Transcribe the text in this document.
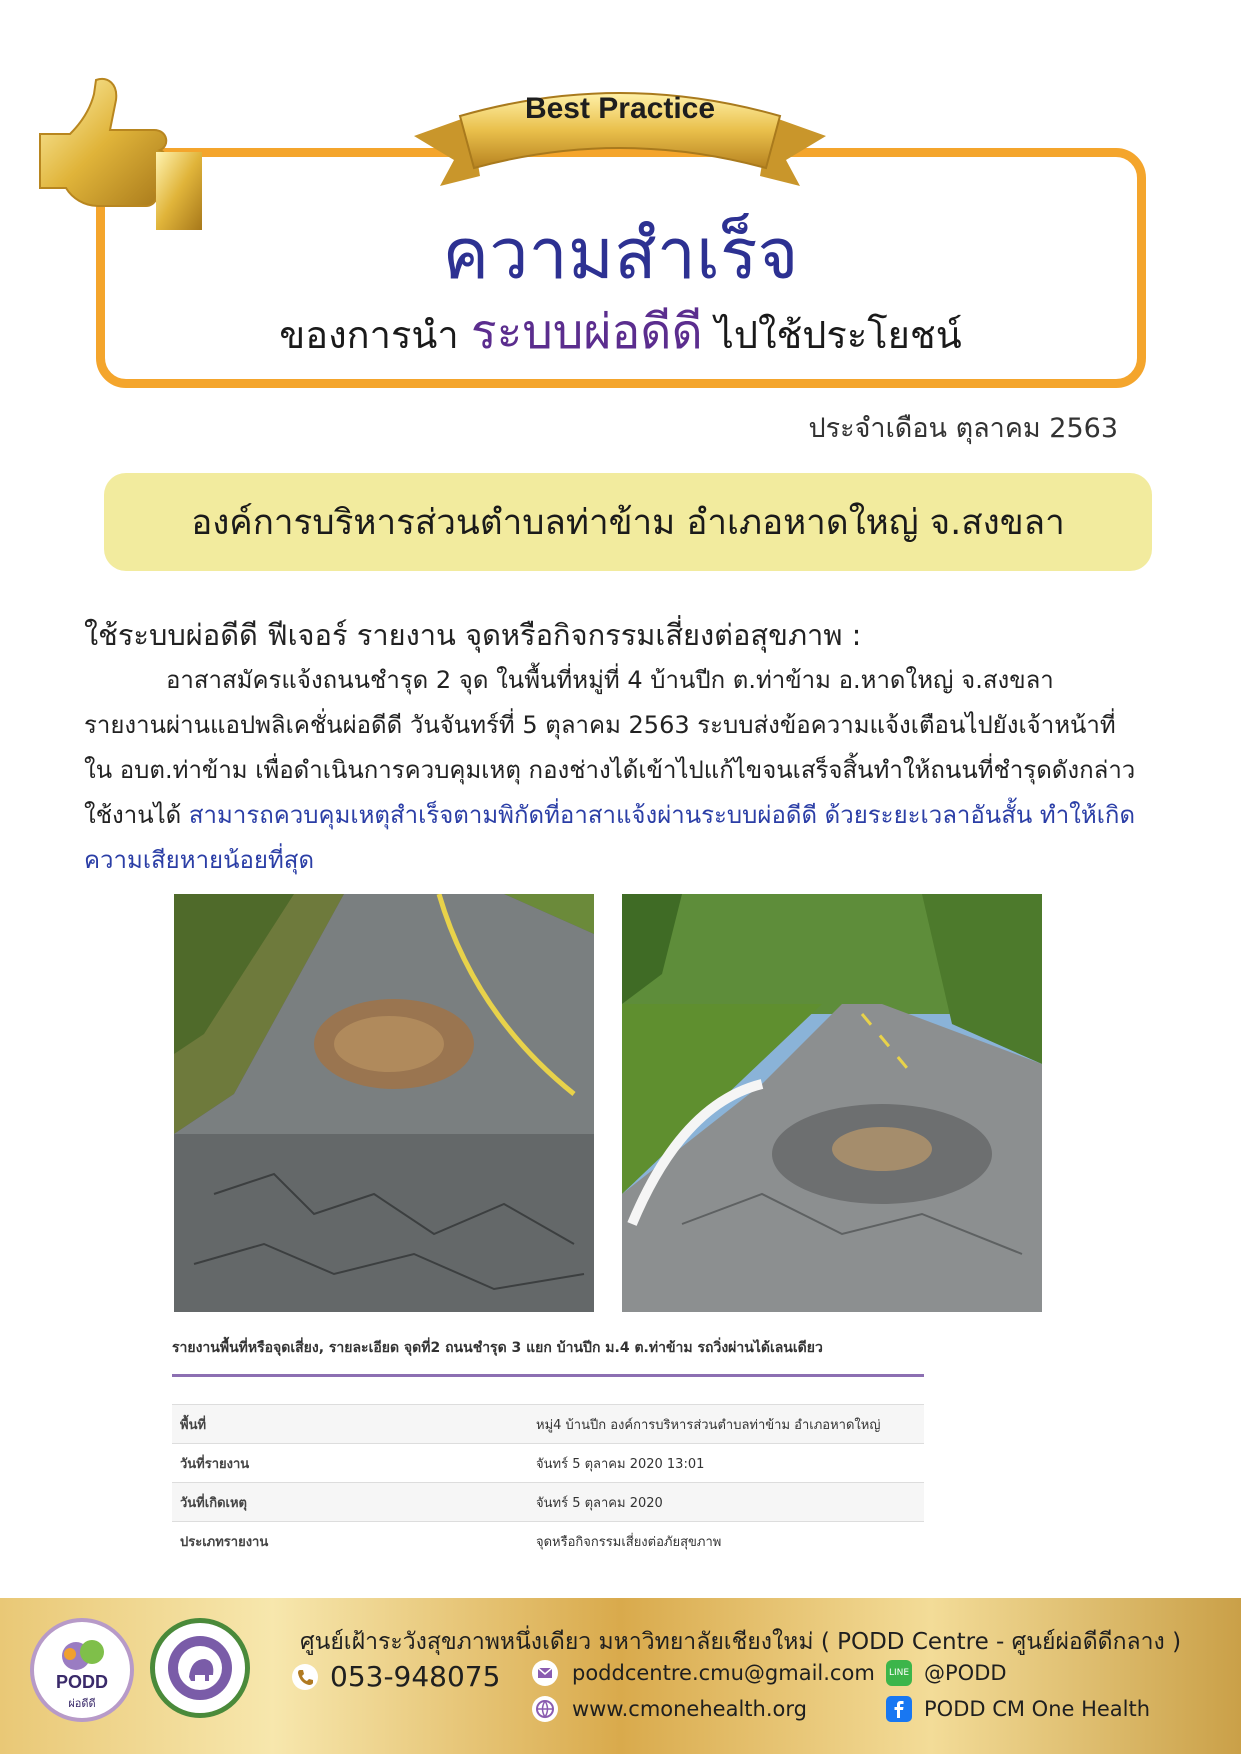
Best Practice
ความสำเร็จ
ของการนำ ระบบผ่อดีดี ไปใช้ประโยชน์
ประจำเดือน ตุลาคม 2563
องค์การบริหารส่วนตำบลท่าข้าม อำเภอหาดใหญ่ จ.สงขลา
ใช้ระบบผ่อดีดี ฟีเจอร์ รายงาน จุดหรือกิจกรรมเสี่ยงต่อสุขภาพ :
อาสาสมัครแจ้งถนนชำรุด 2 จุด ในพื้นที่หมู่ที่ 4 บ้านปีก ต.ท่าข้าม อ.หาดใหญ่ จ.สงขลา รายงานผ่านแอปพลิเคชั่นผ่อดีดี วันจันทร์ที่ 5 ตุลาคม 2563 ระบบส่งข้อความแจ้งเตือนไปยังเจ้าหน้าที่ใน อบต.ท่าข้าม เพื่อดำเนินการควบคุมเหตุ กองช่างได้เข้าไปแก้ไขจนเสร็จสิ้นทำให้ถนนที่ชำรุดดังกล่าวใช้งานได้ สามารถควบคุมเหตุสำเร็จตามพิกัดที่อาสาแจ้งผ่านระบบผ่อดีดี ด้วยระยะเวลาอันสั้น ทำให้เกิดความเสียหายน้อยที่สุด
รายงานพื้นที่หรือจุดเสี่ยง, รายละเอียด จุดที่2 ถนนชำรุด 3 แยก บ้านปีก ม.4 ต.ท่าข้าม รถวิ่งผ่านได้เลนเดียว
พื้นที่	หมู่4 บ้านปีก องค์การบริหารส่วนตำบลท่าข้าม อำเภอหาดใหญ่
วันที่รายงาน	จันทร์ 5 ตุลาคม 2020 13:01
วันที่เกิดเหตุ	จันทร์ 5 ตุลาคม 2020
ประเภทรายงาน	จุดหรือกิจกรรมเสี่ยงต่อภัยสุขภาพ
PODD
ผ่อดีดี
ศูนย์เฝ้าระวังสุขภาพหนึ่งเดียว มหาวิทยาลัยเชียงใหม่ ( PODD Centre - ศูนย์ผ่อดีดีกลาง )
053-948075	poddcentre.cmu@gmail.com
www.cmonehealth.org
LINE @PODD
PODD CM One Health
